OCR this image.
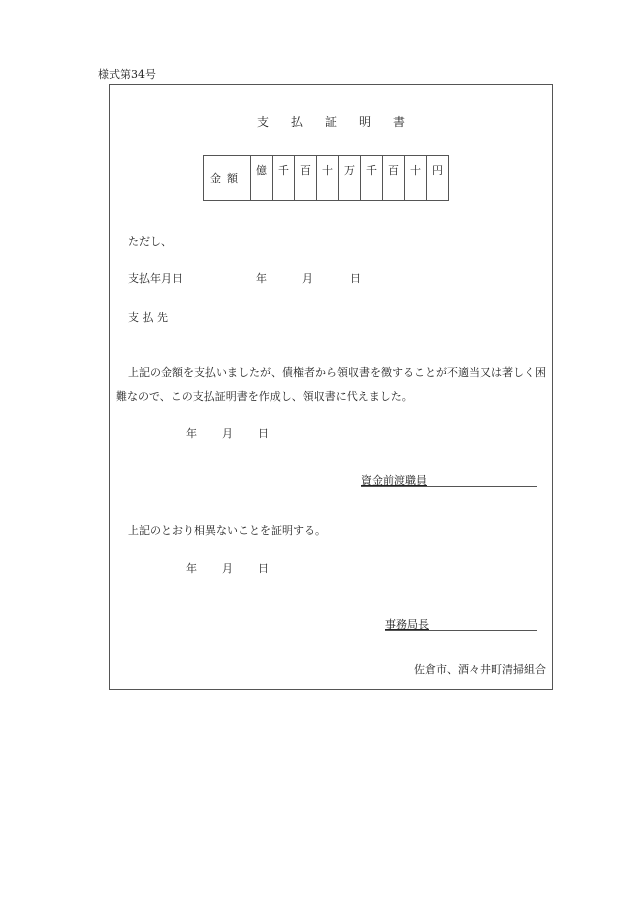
様式第34号
支 払 証 明 書
金額	億	千	百	十	万	千	百	十	円
ただし、
支払年月日	年	月	日
支 払 先
上記の金額を支払いましたが、債権者から領収書を徴することが不適当又は著しく困難なので、この支払証明書を作成し、領収書に代えました。
年 月 日
資金前渡職員
上記のとおり相異ないことを証明する。
年 月 日
事務局長
佐倉市、酒々井町清掃組合
